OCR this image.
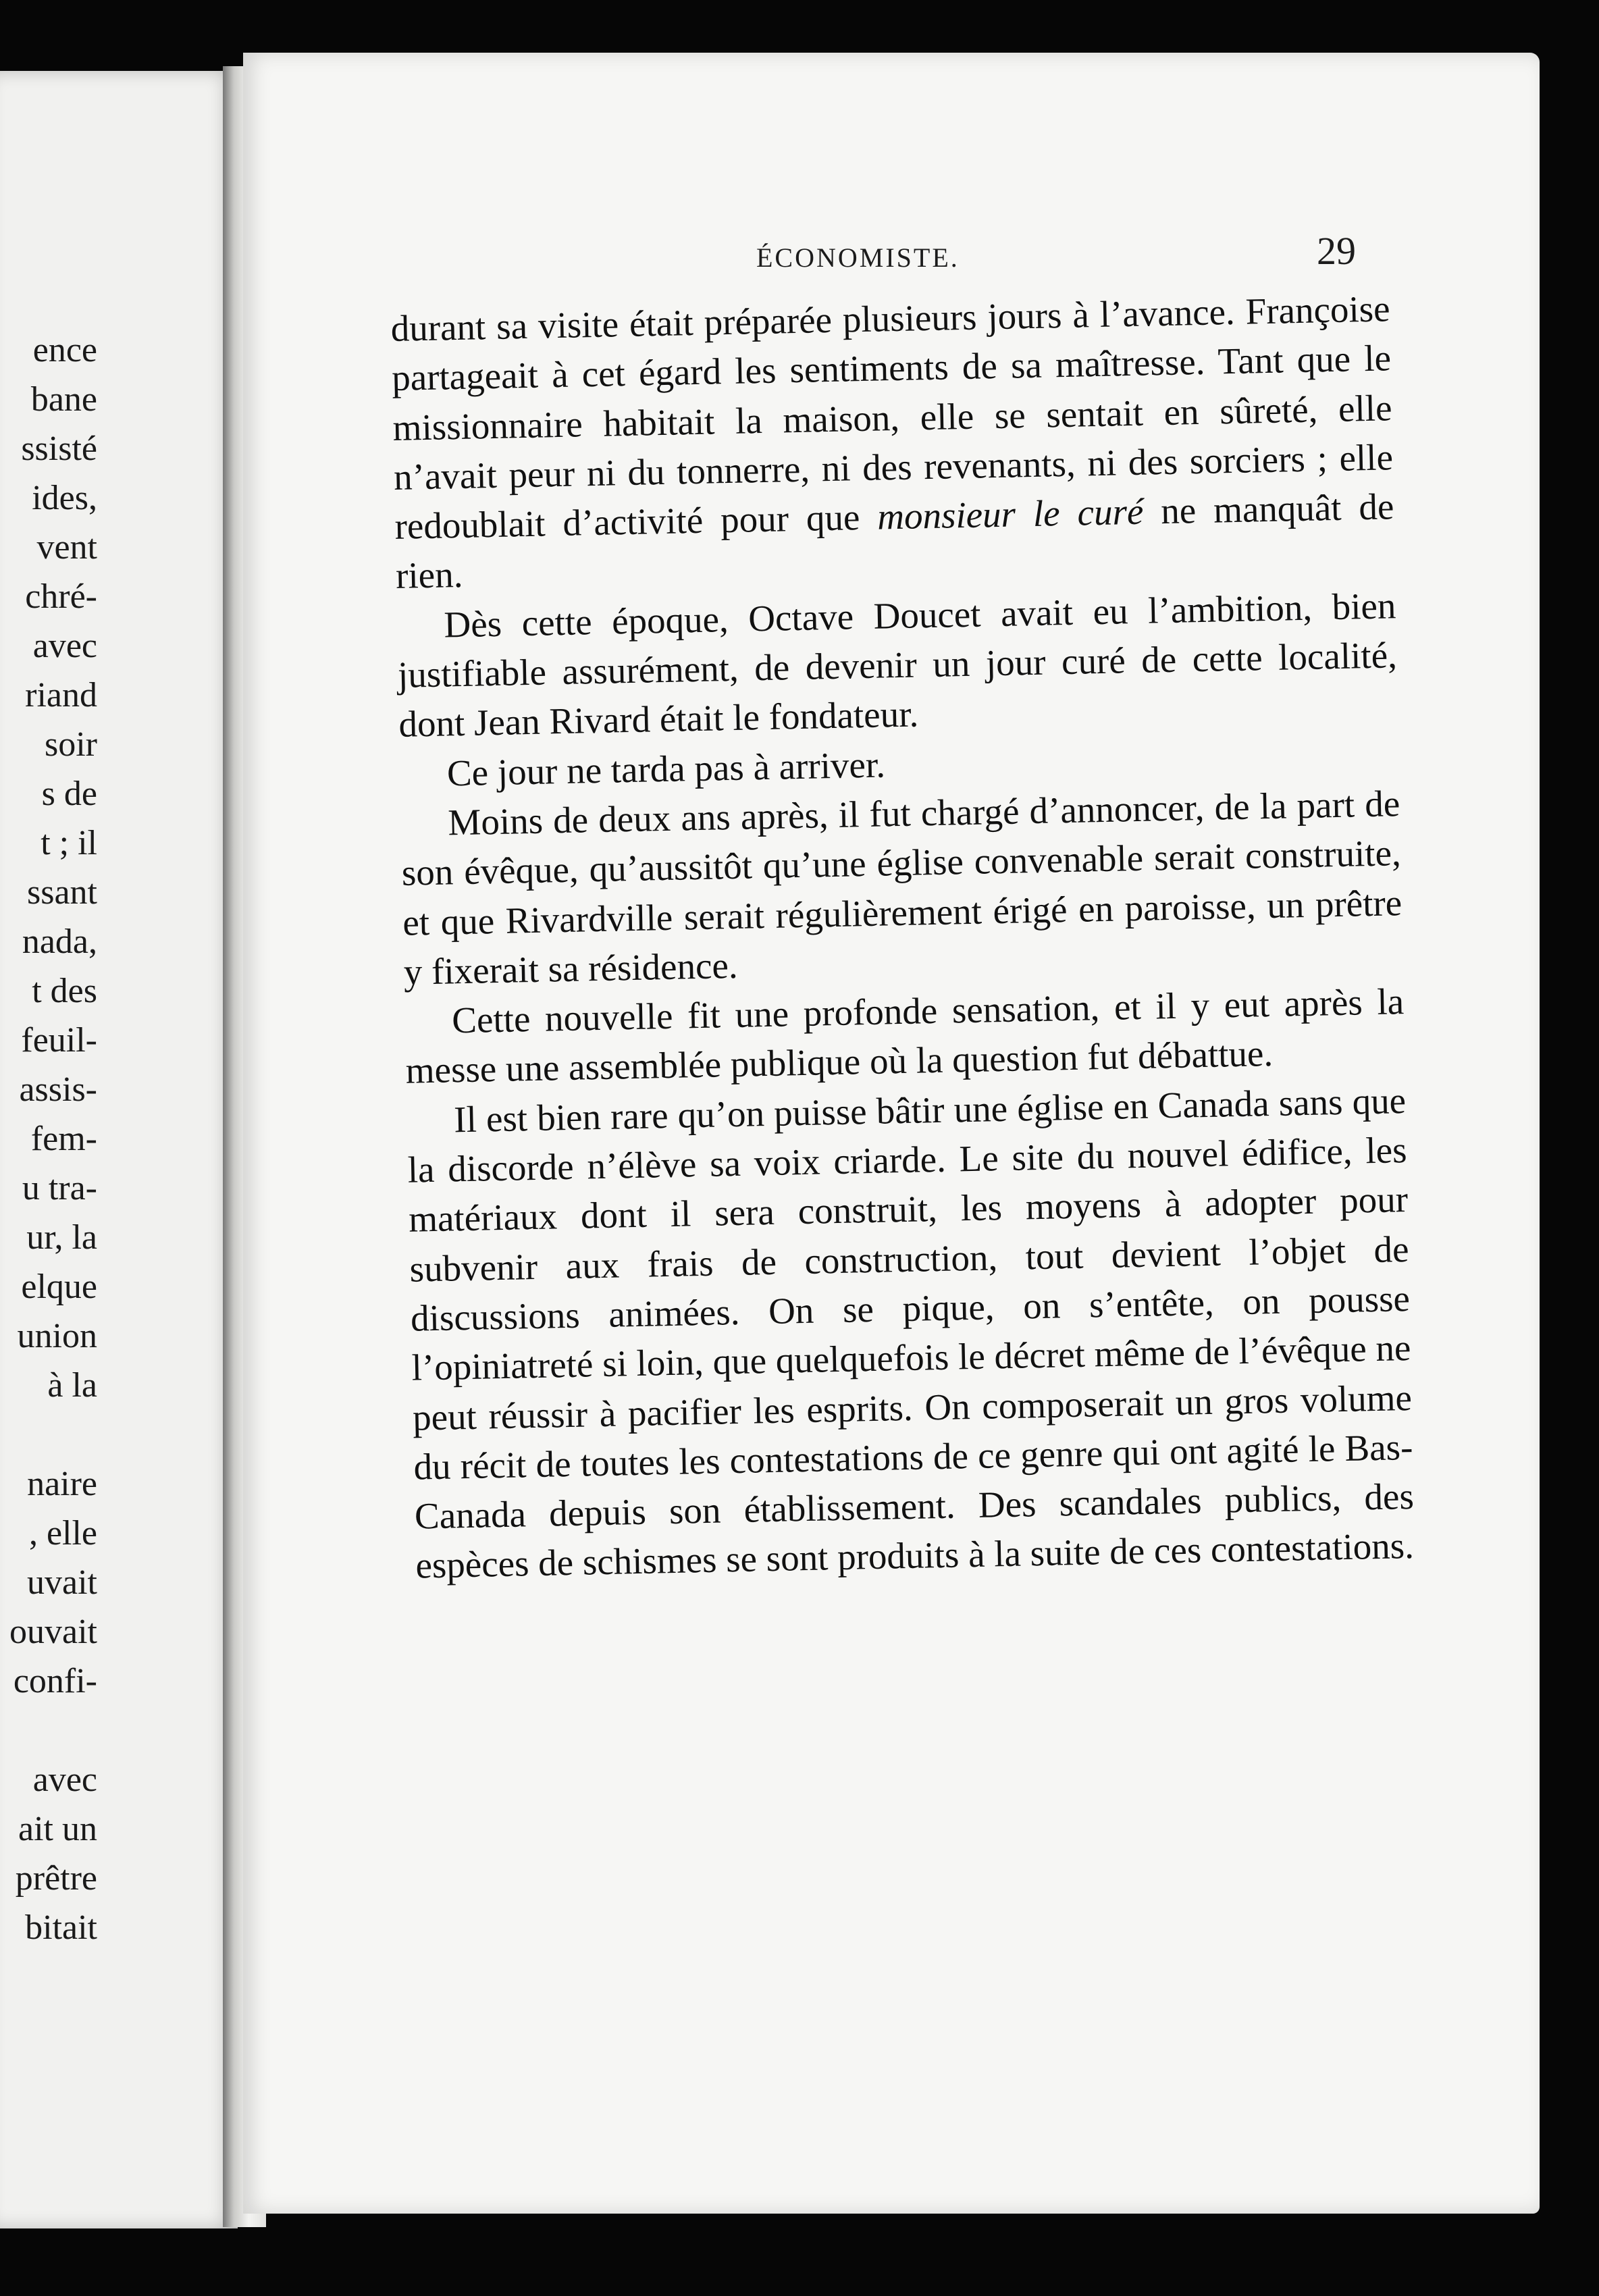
ence
bane
ssisté
ides,
vent
chré-
avec
riand
soir
s de
t ; il
ssant
nada,
t des
feuil-
assis-
fem-
u tra-
ur, la
elque
union
à la
naire
, elle
uvait
ouvait
confi-
avec
ait un
prêtre
bitait
ÉCONOMISTE.	29

durant sa visite était préparée plusieurs jours à l’avance. Françoise partageait à cet égard les sentiments de sa maîtresse. Tant que le missionnaire habitait la maison, elle se sentait en sûreté, elle n’avait peur ni du tonnerre, ni des revenants, ni des sorciers ; elle redoublait d’activité pour que monsieur le curé ne manquât de rien.

Dès cette époque, Octave Doucet avait eu l’ambition, bien justifiable assurément, de devenir un jour curé de cette localité, dont Jean Rivard était le fondateur.

Ce jour ne tarda pas à arriver.

Moins de deux ans après, il fut chargé d’annoncer, de la part de son évêque, qu’aussitôt qu’une église convenable serait construite, et que Rivardville serait régulièrement érigé en paroisse, un prêtre y fixerait sa résidence.

Cette nouvelle fit une profonde sensation, et il y eut après la messe une assemblée publique où la question fut débattue.

Il est bien rare qu’on puisse bâtir une église en Canada sans que la discorde n’élève sa voix criarde. Le site du nouvel édifice, les matériaux dont il sera construit, les moyens à adopter pour subvenir aux frais de construction, tout devient l’objet de discussions animées. On se pique, on s’entête, on pousse l’opiniatreté si loin, que quelquefois le décret même de l’évêque ne peut réussir à pacifier les esprits. On composerait un gros volume du récit de toutes les contestations de ce genre qui ont agité le Bas-Canada depuis son établissement. Des scandales publics, des espèces de schismes se sont produits à la suite de ces contestations.
